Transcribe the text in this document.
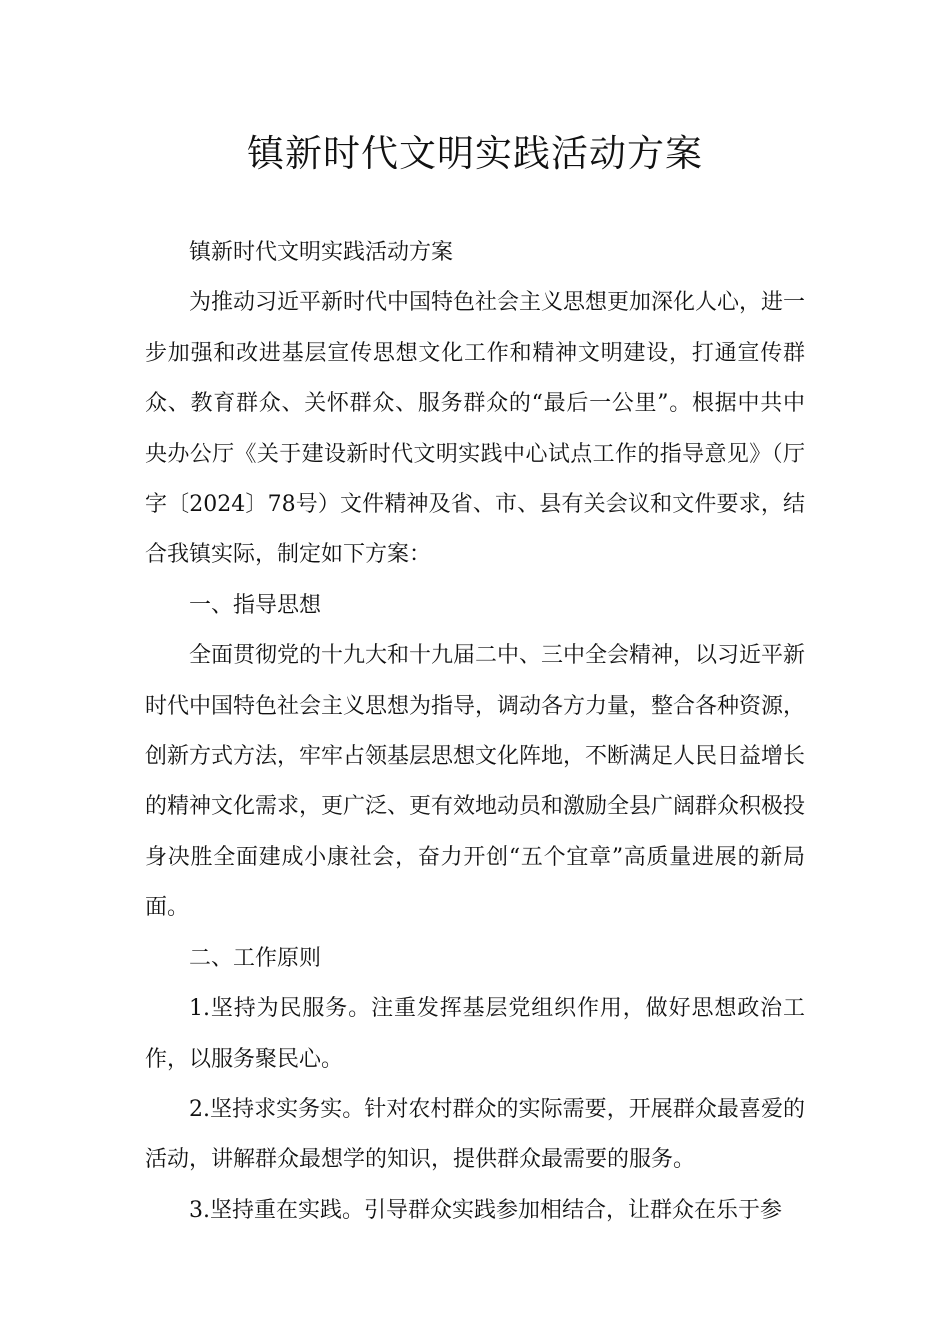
镇新时代文明实践活动方案

镇新时代文明实践活动方案

为推动习近平新时代中国特色社会主义思想更加深化人心，进一步加强和改进基层宣传思想文化工作和精神文明建设，打通宣传群众、教育群众、关怀群众、服务群众的“最后一公里”。根据中共中央办公厅《关于建设新时代文明实践中心试点工作的指导意见》（厅字〔2024〕78号）文件精神及省、市、县有关会议和文件要求，结合我镇实际，制定如下方案：

一、指导思想

全面贯彻党的十九大和十九届二中、三中全会精神，以习近平新时代中国特色社会主义思想为指导，调动各方力量，整合各种资源，创新方式方法，牢牢占领基层思想文化阵地，不断满足人民日益增长的精神文化需求，更广泛、更有效地动员和激励全县广阔群众积极投身决胜全面建成小康社会，奋力开创“五个宜章”高质量进展的新局面。

二、工作原则

1.坚持为民服务。注重发挥基层党组织作用，做好思想政治工作，以服务聚民心。

2.坚持求实务实。针对农村群众的实际需要，开展群众最喜爱的活动，讲解群众最想学的知识，提供群众最需要的服务。

3.坚持重在实践。引导群众实践参加相结合，让群众在乐于参
